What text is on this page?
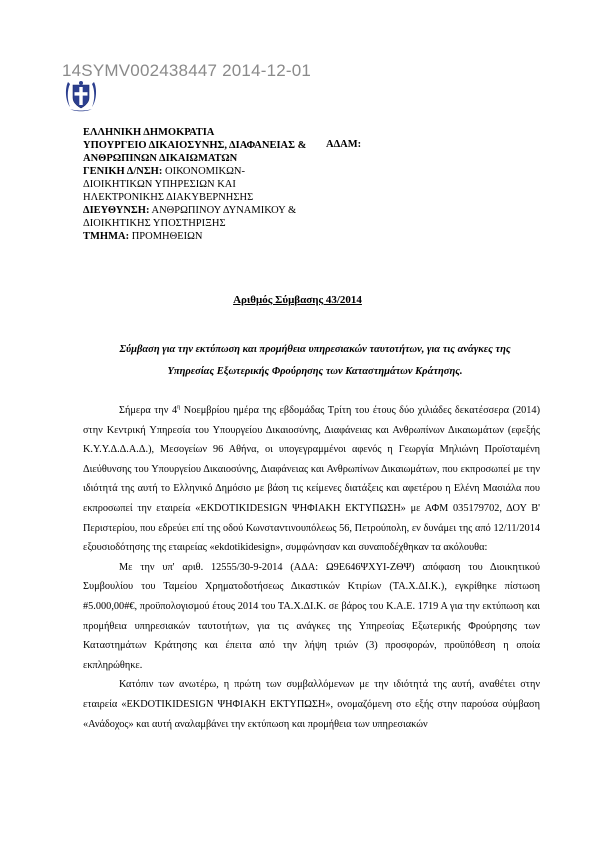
14SYMV002438447 2014-12-01
ΕΛΛΗΝΙΚΗ ΔΗΜΟΚΡΑΤΙΑ
ΥΠΟΥΡΓΕΙΟ ΔΙΚΑΙΟΣΥΝΗΣ, ΔΙΑΦΑΝΕΙΑΣ &
ΑΝΘΡΩΠΙΝΩΝ ΔΙΚΑΙΩΜΑΤΩΝ
ΓΕΝΙΚΗ Δ/ΝΣΗ: ΟΙΚΟΝΟΜΙΚΩΝ-
ΔΙΟΙΚΗΤΙΚΩΝ ΥΠΗΡΕΣΙΩΝ ΚΑΙ
ΗΛΕΚΤΡΟΝΙΚΗΣ ΔΙΑΚΥΒΕΡΝΗΣΗΣ
ΔΙΕΥΘΥΝΣΗ: ΑΝΘΡΩΠΙΝΟΥ ΔΥΝΑΜΙΚΟΥ &
ΔΙΟΙΚΗΤΙΚΗΣ ΥΠΟΣΤΗΡΙΞΗΣ
ΤΜΗΜΑ: ΠΡΟΜΗΘΕΙΩΝ
ΑΔΑΜ:
Αριθμός Σύμβασης 43/2014
Σύμβαση για την εκτύπωση και προμήθεια υπηρεσιακών ταυτοτήτων, για τις ανάγκες της
Υπηρεσίας Εξωτερικής Φρούρησης των Καταστημάτων Κράτησης.

Σήμερα την $4^\eta$ Νοεμβρίου ημέρα της εβδομάδας Τρίτη του έτους δύο χιλιάδες δεκατέσσερα (2014) στην Κεντρική Υπηρεσία του Υπουργείου Δικαιοσύνης, Διαφάνειας και Ανθρωπίνων Δικαιωμάτων (εφεξής Κ.Υ.Υ.Δ.Δ.Α.Δ.), Μεσογείων 96 Αθήνα, οι υπογεγραμμένοι αφενός η Γεωργία Μηλιώνη Προϊσταμένη Διεύθυνσης του Υπουργείου Δικαιοσύνης, Διαφάνειας και Ανθρωπίνων Δικαιωμάτων, που εκπροσωπεί με την ιδιότητά της αυτή το Ελληνικό Δημόσιο με βάση τις κείμενες διατάξεις και αφετέρου η Ελένη Μασιάλα που εκπροσωπεί την εταιρεία «EKDOTIKIDESIGN ΨΗΦΙΑΚΗ ΕΚΤΥΠΩΣΗ» με ΑΦΜ 035179702, ΔΟΥ Β' Περιστερίου, που εδρεύει επί της οδού Κωνσταντινουπόλεως 56, Πετρούπολη, εν δυνάμει της από 12/11/2014 εξουσιοδότησης της εταιρείας «ekdotikidesign», συμφώνησαν και συναποδέχθηκαν τα ακόλουθα:

Με την υπ' αριθ. 12555/30-9-2014 (ΑΔΑ: Ω9Ε646ΨΧΥΙ-ΖΘΨ) απόφαση του Διοικητικού Συμβουλίου του Ταμείου Χρηματοδοτήσεως Δικαστικών Κτιρίων (ΤΑ.Χ.ΔΙ.Κ.), εγκρίθηκε πίστωση #5.000,00#€, προϋπολογισμού έτους 2014 του ΤΑ.Χ.ΔΙ.Κ. σε βάρος του Κ.Α.Ε. 1719 Α για την εκτύπωση και προμήθεια υπηρεσιακών ταυτοτήτων, για τις ανάγκες της Υπηρεσίας Εξωτερικής Φρούρησης των Καταστημάτων Κράτησης και έπειτα από την λήψη τριών (3) προσφορών, προϋπόθεση η οποία εκπληρώθηκε.

Κατόπιν των ανωτέρω, η πρώτη των συμβαλλόμενων με την ιδιότητά της αυτή, αναθέτει στην εταιρεία «EKDOTIKIDESIGN ΨΗΦΙΑΚΗ ΕΚΤΥΠΩΣΗ», ονομαζόμενη στο εξής στην παρούσα σύμβαση «Ανάδοχος» και αυτή αναλαμβάνει την εκτύπωση και προμήθεια των υπηρεσιακών
